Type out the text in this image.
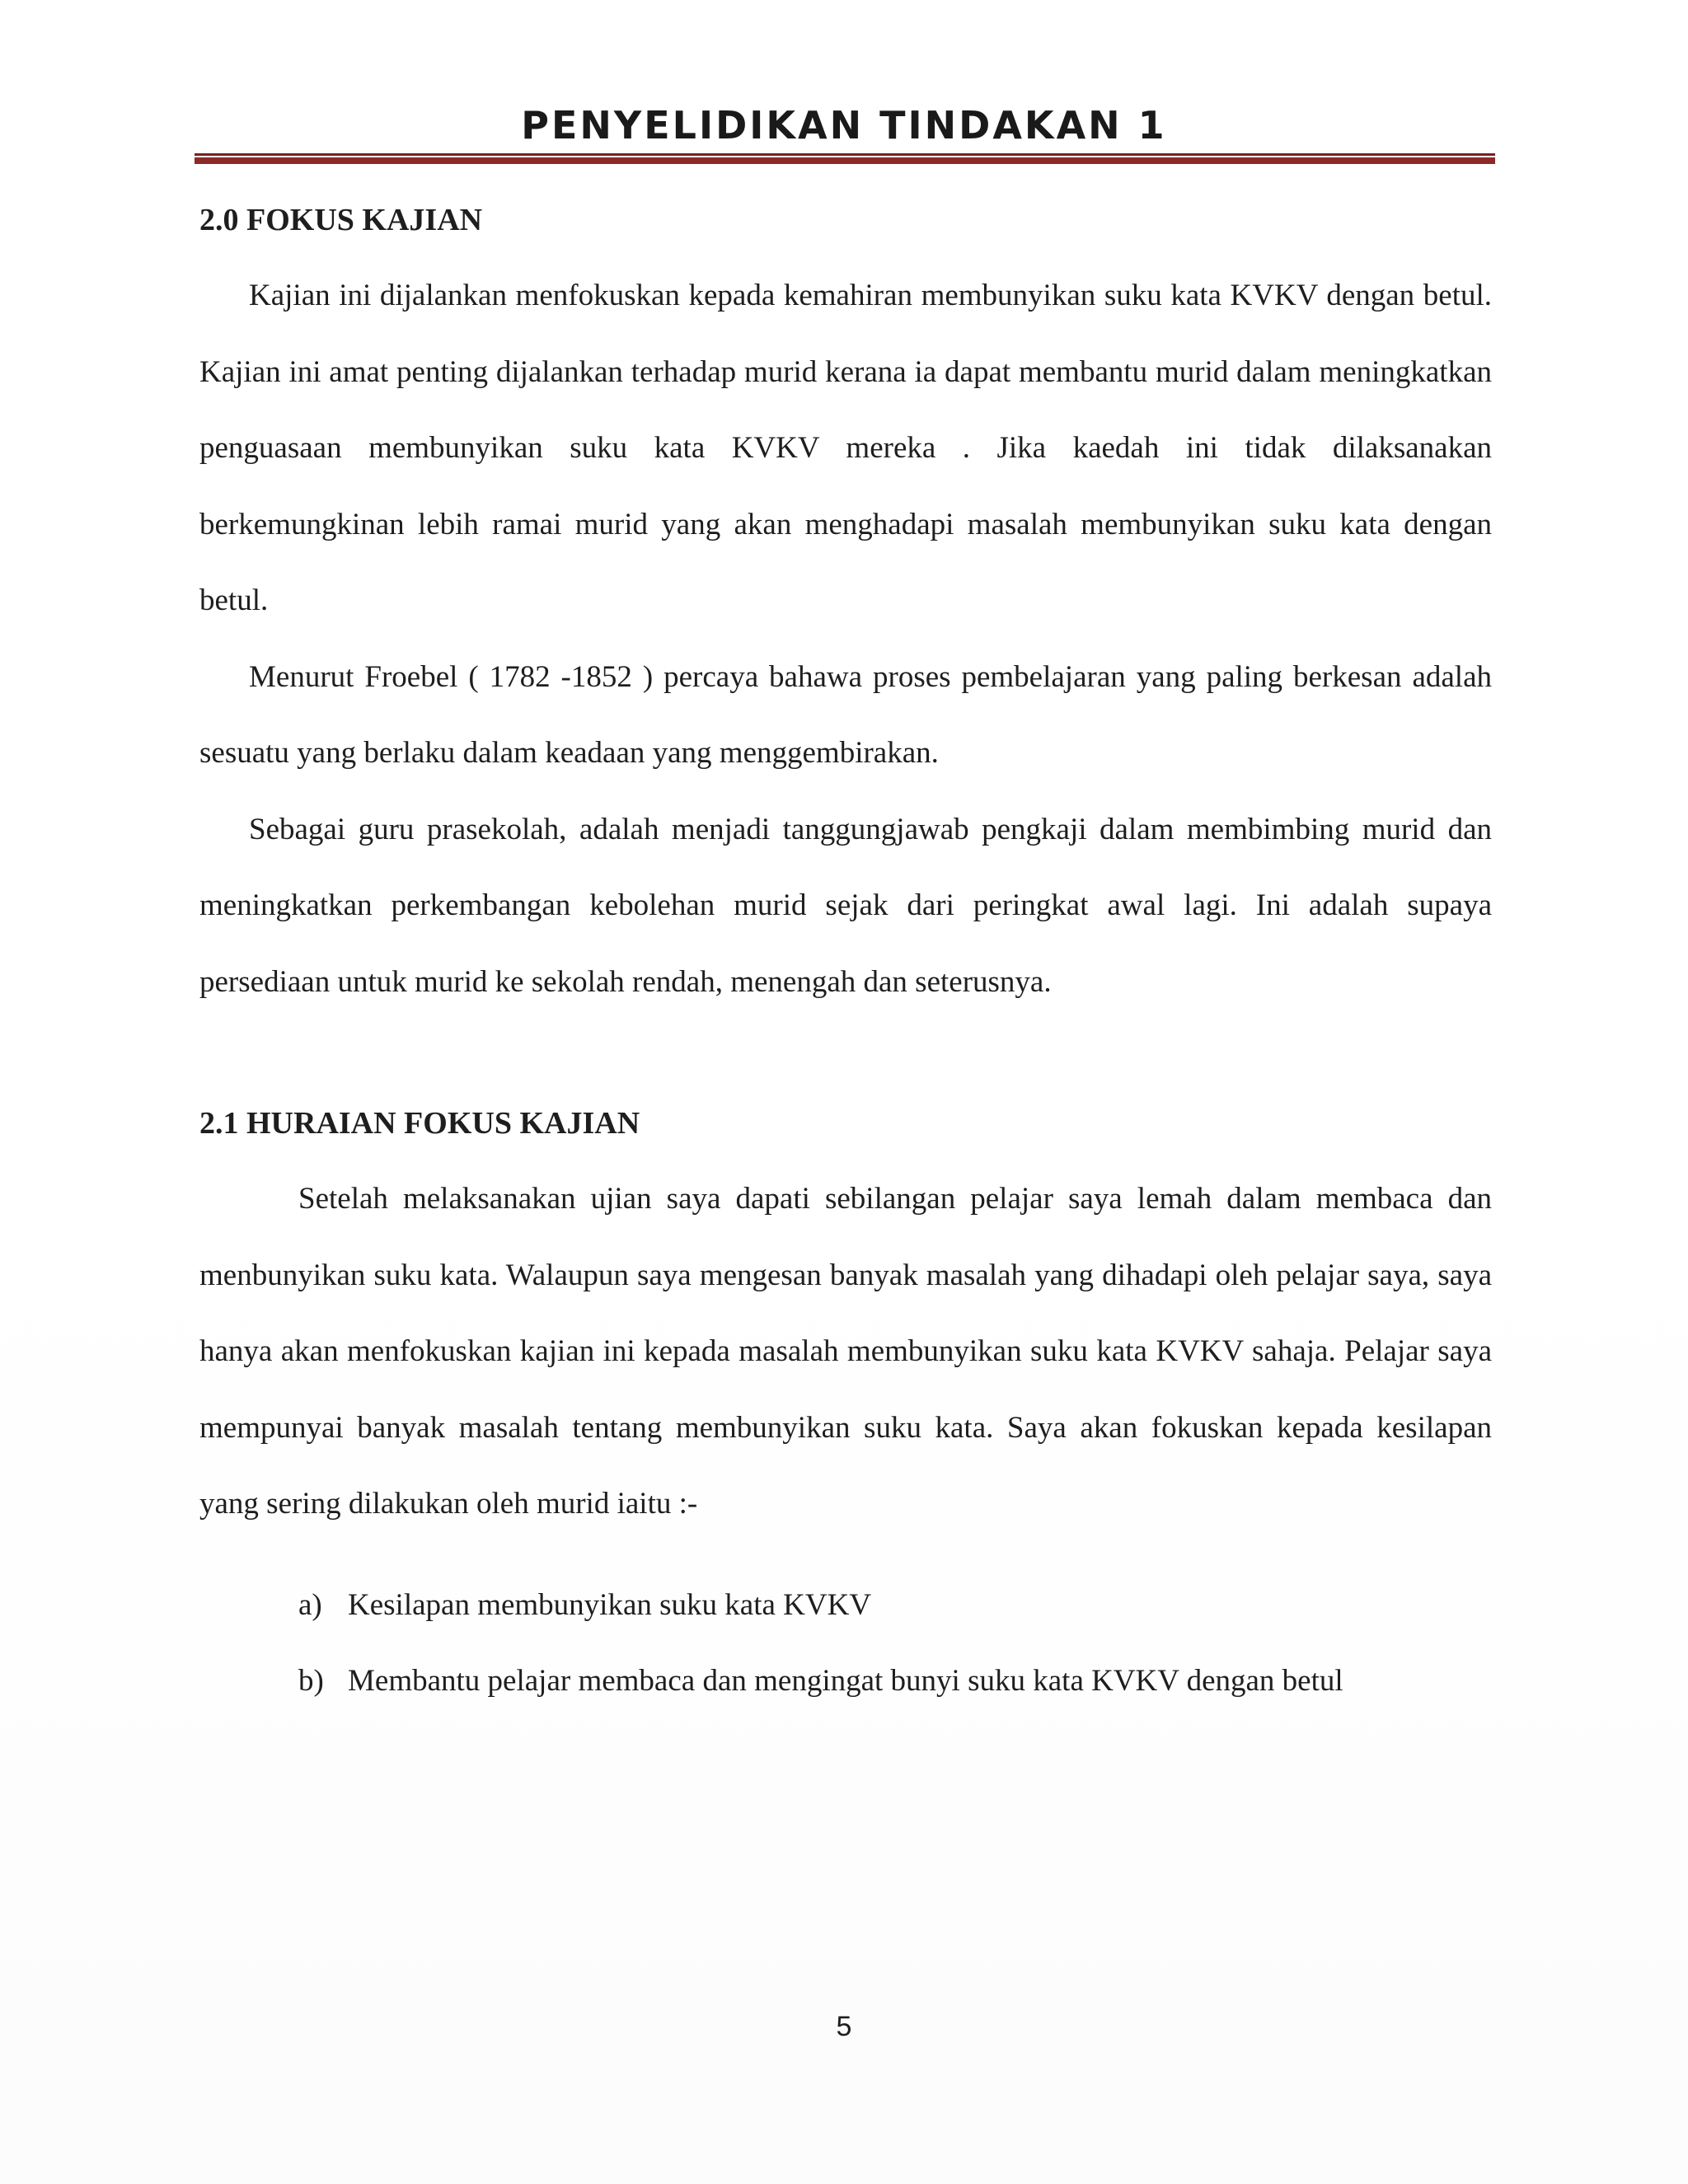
PENYELIDIKAN TINDAKAN 1
2.0 FOKUS KAJIAN

Kajian ini dijalankan menfokuskan kepada kemahiran membunyikan suku kata KVKV dengan betul. Kajian ini amat penting dijalankan terhadap murid kerana ia dapat membantu murid dalam meningkatkan penguasaan membunyikan suku kata KVKV mereka . Jika kaedah ini tidak dilaksanakan berkemungkinan lebih ramai murid yang akan menghadapi masalah membunyikan suku kata dengan betul.

Menurut Froebel ( 1782 -1852 ) percaya bahawa proses pembelajaran yang paling berkesan adalah sesuatu yang berlaku dalam keadaan yang menggembirakan.

Sebagai guru prasekolah, adalah menjadi tanggungjawab pengkaji dalam membimbing murid dan meningkatkan perkembangan kebolehan murid sejak dari peringkat awal lagi. Ini adalah supaya persediaan untuk murid ke sekolah rendah, menengah dan seterusnya.

2.1 HURAIAN FOKUS KAJIAN

Setelah melaksanakan ujian saya dapati sebilangan pelajar saya lemah dalam membaca dan menbunyikan suku kata. Walaupun saya mengesan banyak masalah yang dihadapi oleh pelajar saya, saya hanya akan menfokuskan kajian ini kepada masalah membunyikan suku kata KVKV sahaja. Pelajar saya mempunyai banyak masalah tentang membunyikan suku kata. Saya akan fokuskan kepada kesilapan yang sering dilakukan oleh murid iaitu :-

a) Kesilapan membunyikan suku kata KVKV
b) Membantu pelajar membaca dan mengingat bunyi suku kata KVKV dengan betul
5
